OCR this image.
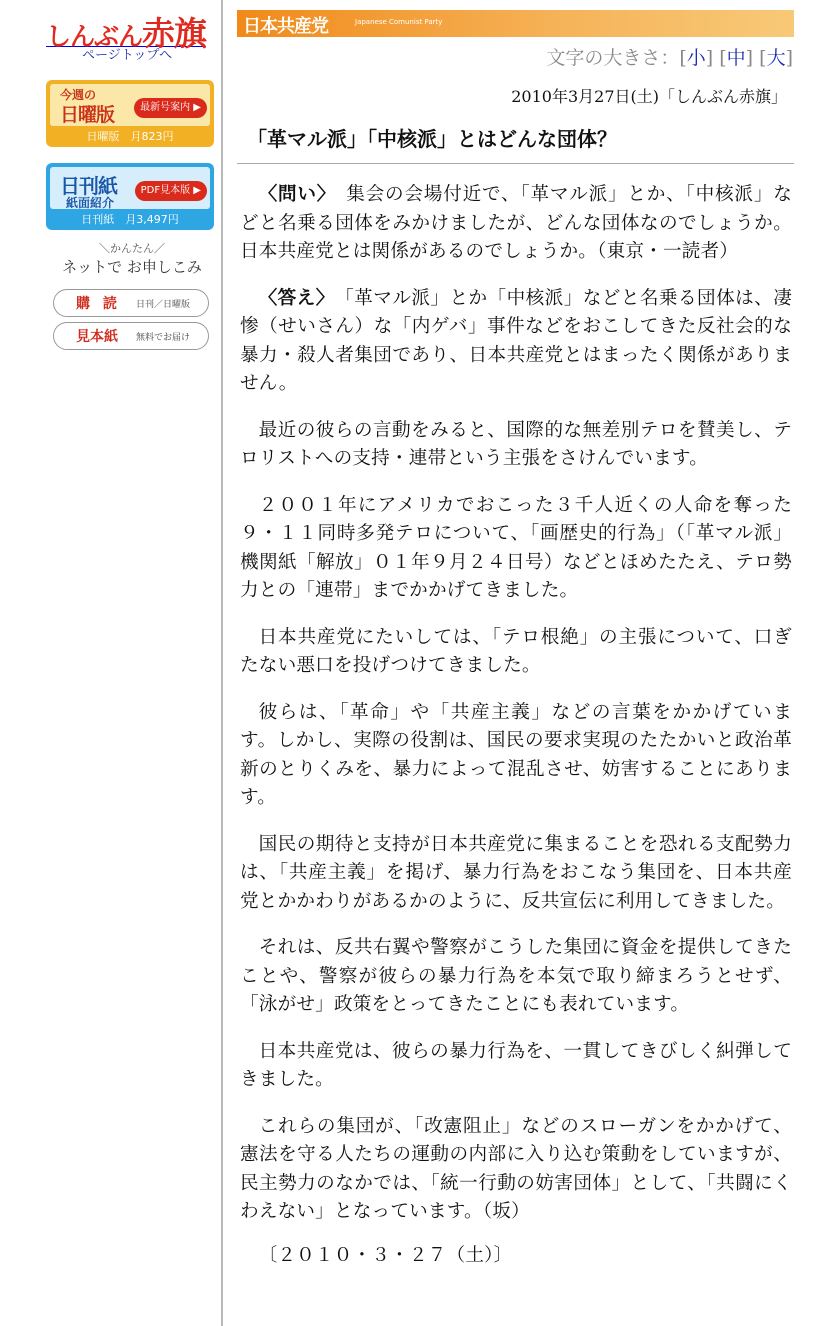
しんぶん赤旗
ページトップへ
今週の
日曜版	最新号案内 ▶
日曜版　月823円
日刊紙
紙面紹介
PDF見本版 ▶
日刊紙　月3,497円
＼かんたん／
ネットで お申しこみ
購 読 日刊／日曜版
見本紙 無料でお届け
日本共産党	Japanese Comunist Party
文字の大きさ：[小] [中] [大]
2010年3月27日(土)「しんぶん赤旗」
「革マル派」「中核派」とはどんな団体？

〈問い〉　集会の会場付近で、「革マル派」とか、「中核派」などと名乗る団体をみかけましたが、どんな団体なのでしょうか。日本共産党とは関係があるのでしょうか。（東京・一読者）

〈答え〉　「革マル派」とか「中核派」などと名乗る団体は、凄惨（せいさん）な「内ゲバ」事件などをおこしてきた反社会的な暴力・殺人者集団であり、日本共産党とはまったく関係がありません。

最近の彼らの言動をみると、国際的な無差別テロを賛美し、テロリストへの支持・連帯という主張をさけんでいます。

２００１年にアメリカでおこった３千人近くの人命を奪った９・１１同時多発テロについて、「画歴史的行為」（「革マル派」機関紙「解放」０１年９月２４日号）などとほめたたえ、テロ勢力との「連帯」までかかげてきました。

日本共産党にたいしては、「テロ根絶」の主張について、口ぎたない悪口を投げつけてきました。

彼らは、「革命」や「共産主義」などの言葉をかかげています。しかし、実際の役割は、国民の要求実現のたたかいと政治革新のとりくみを、暴力によって混乱させ、妨害することにあります。

国民の期待と支持が日本共産党に集まることを恐れる支配勢力は、「共産主義」を掲げ、暴力行為をおこなう集団を、日本共産党とかかわりがあるかのように、反共宣伝に利用してきました。

それは、反共右翼や警察がこうした集団に資金を提供してきたことや、警察が彼らの暴力行為を本気で取り締まろうとせず、「泳がせ」政策をとってきたことにも表れています。

日本共産党は、彼らの暴力行為を、一貫してきびしく糾弾してきました。

これらの集団が、「改憲阻止」などのスローガンをかかげて、憲法を守る人たちの運動の内部に入り込む策動をしていますが、民主勢力のなかでは、「統一行動の妨害団体」として、「共闘にくわえない」となっています。（坂）

〔２０１０・３・２７（土）〕
